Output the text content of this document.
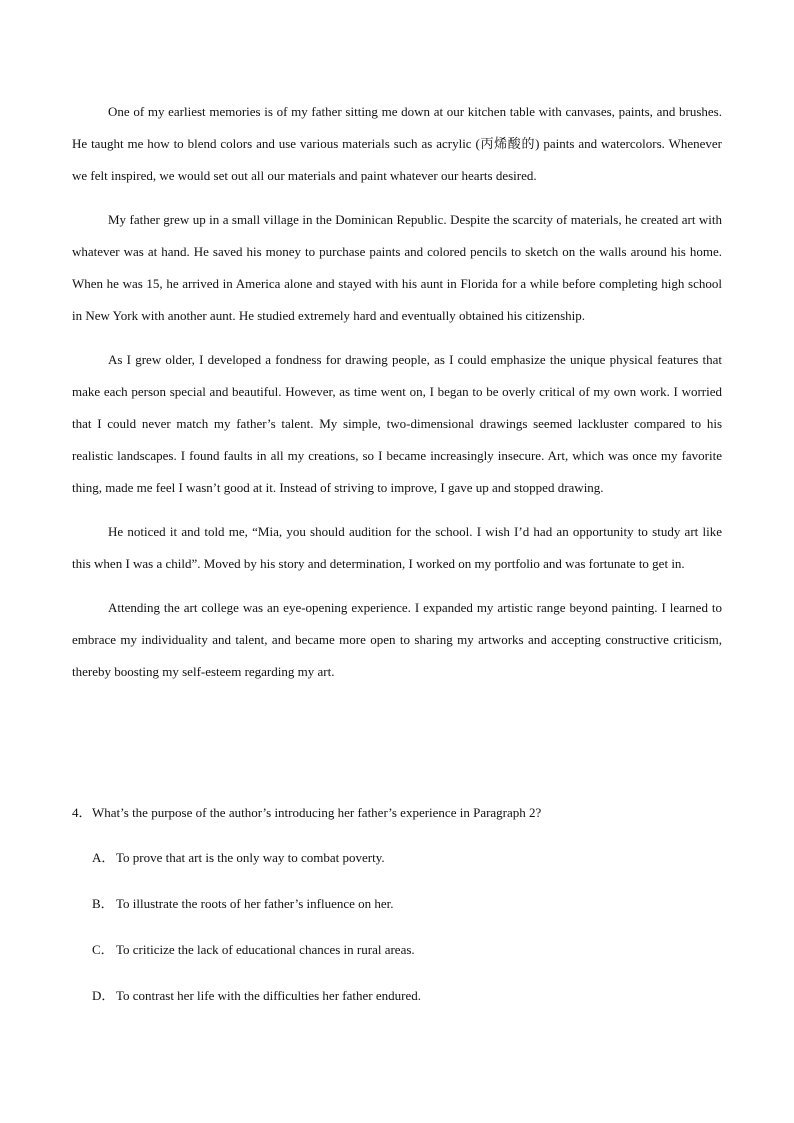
One of my earliest memories is of my father sitting me down at our kitchen table with canvases, paints, and brushes. He taught me how to blend colors and use various materials such as acrylic (丙烯酸的) paints and watercolors. Whenever we felt inspired, we would set out all our materials and paint whatever our hearts desired.

My father grew up in a small village in the Dominican Republic. Despite the scarcity of materials, he created art with whatever was at hand. He saved his money to purchase paints and colored pencils to sketch on the walls around his home. When he was 15, he arrived in America alone and stayed with his aunt in Florida for a while before completing high school in New York with another aunt. He studied extremely hard and eventually obtained his citizenship.

As I grew older, I developed a fondness for drawing people, as I could emphasize the unique physical features that make each person special and beautiful. However, as time went on, I began to be overly critical of my own work. I worried that I could never match my father’s talent. My simple, two-dimensional drawings seemed lackluster compared to his realistic landscapes. I found faults in all my creations, so I became increasingly insecure. Art, which was once my favorite thing, made me feel I wasn’t good at it. Instead of striving to improve, I gave up and stopped drawing.

He noticed it and told me, “Mia, you should audition for the school. I wish I’d had an opportunity to study art like this when I was a child”. Moved by his story and determination, I worked on my portfolio and was fortunate to get in.

Attending the art college was an eye-opening experience. I expanded my artistic range beyond painting. I learned to embrace my individuality and talent, and became more open to sharing my artworks and accepting constructive criticism, thereby boosting my self-esteem regarding my art.

4．What’s the purpose of the author’s introducing her father’s experience in Paragraph 2?
A． To prove that art is the only way to combat poverty.
B． To illustrate the roots of her father’s influence on her.
C． To criticize the lack of educational chances in rural areas.
D． To contrast her life with the difficulties her father endured.
